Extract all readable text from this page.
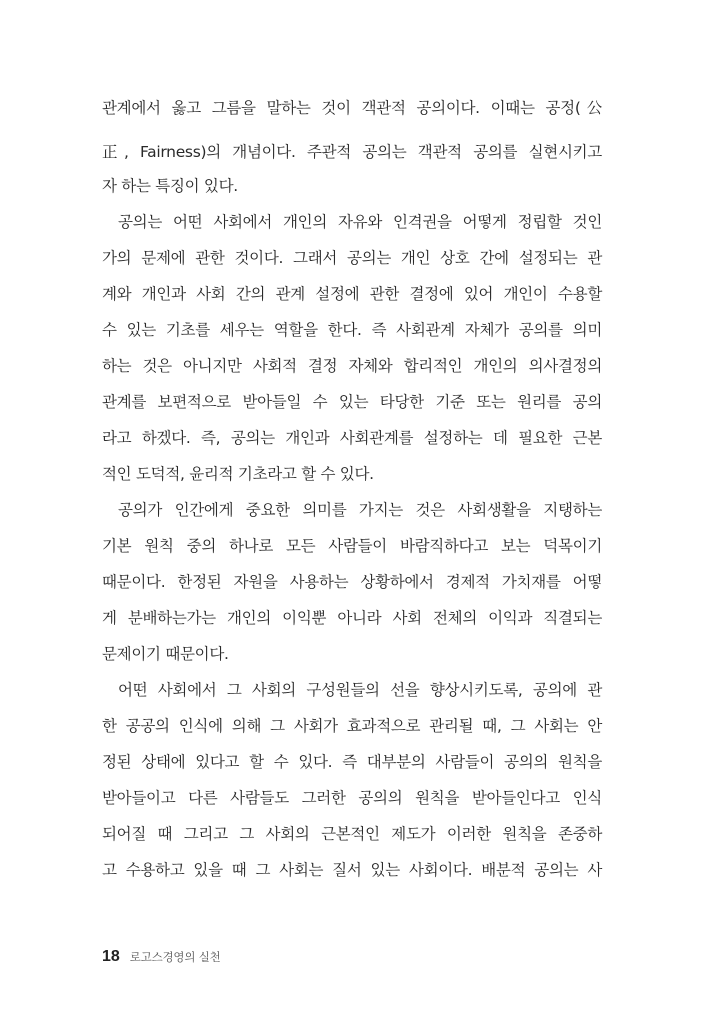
관계에서 옳고 그름을 말하는 것이 객관적 공의이다. 이때는 공정(公
正, Fairness)의 개념이다. 주관적 공의는 객관적 공의를 실현시키고
자 하는 특징이 있다.
공의는 어떤 사회에서 개인의 자유와 인격권을 어떻게 정립할 것인
가의 문제에 관한 것이다. 그래서 공의는 개인 상호 간에 설정되는 관
계와 개인과 사회 간의 관계 설정에 관한 결정에 있어 개인이 수용할
수 있는 기초를 세우는 역할을 한다. 즉 사회관계 자체가 공의를 의미
하는 것은 아니지만 사회적 결정 자체와 합리적인 개인의 의사결정의
관계를 보편적으로 받아들일 수 있는 타당한 기준 또는 원리를 공의
라고 하겠다. 즉, 공의는 개인과 사회관계를 설정하는 데 필요한 근본
적인 도덕적, 윤리적 기초라고 할 수 있다.
공의가 인간에게 중요한 의미를 가지는 것은 사회생활을 지탱하는
기본 원칙 중의 하나로 모든 사람들이 바람직하다고 보는 덕목이기
때문이다. 한정된 자원을 사용하는 상황하에서 경제적 가치재를 어떻
게 분배하는가는 개인의 이익뿐 아니라 사회 전체의 이익과 직결되는
문제이기 때문이다.
어떤 사회에서 그 사회의 구성원들의 선을 향상시키도록, 공의에 관
한 공공의 인식에 의해 그 사회가 효과적으로 관리될 때, 그 사회는 안
정된 상태에 있다고 할 수 있다. 즉 대부분의 사람들이 공의의 원칙을
받아들이고 다른 사람들도 그러한 공의의 원칙을 받아들인다고 인식
되어질 때 그리고 그 사회의 근본적인 제도가 이러한 원칙을 존중하
고 수용하고 있을 때 그 사회는 질서 있는 사회이다. 배분적 공의는 사
18 로고스경영의 실천
